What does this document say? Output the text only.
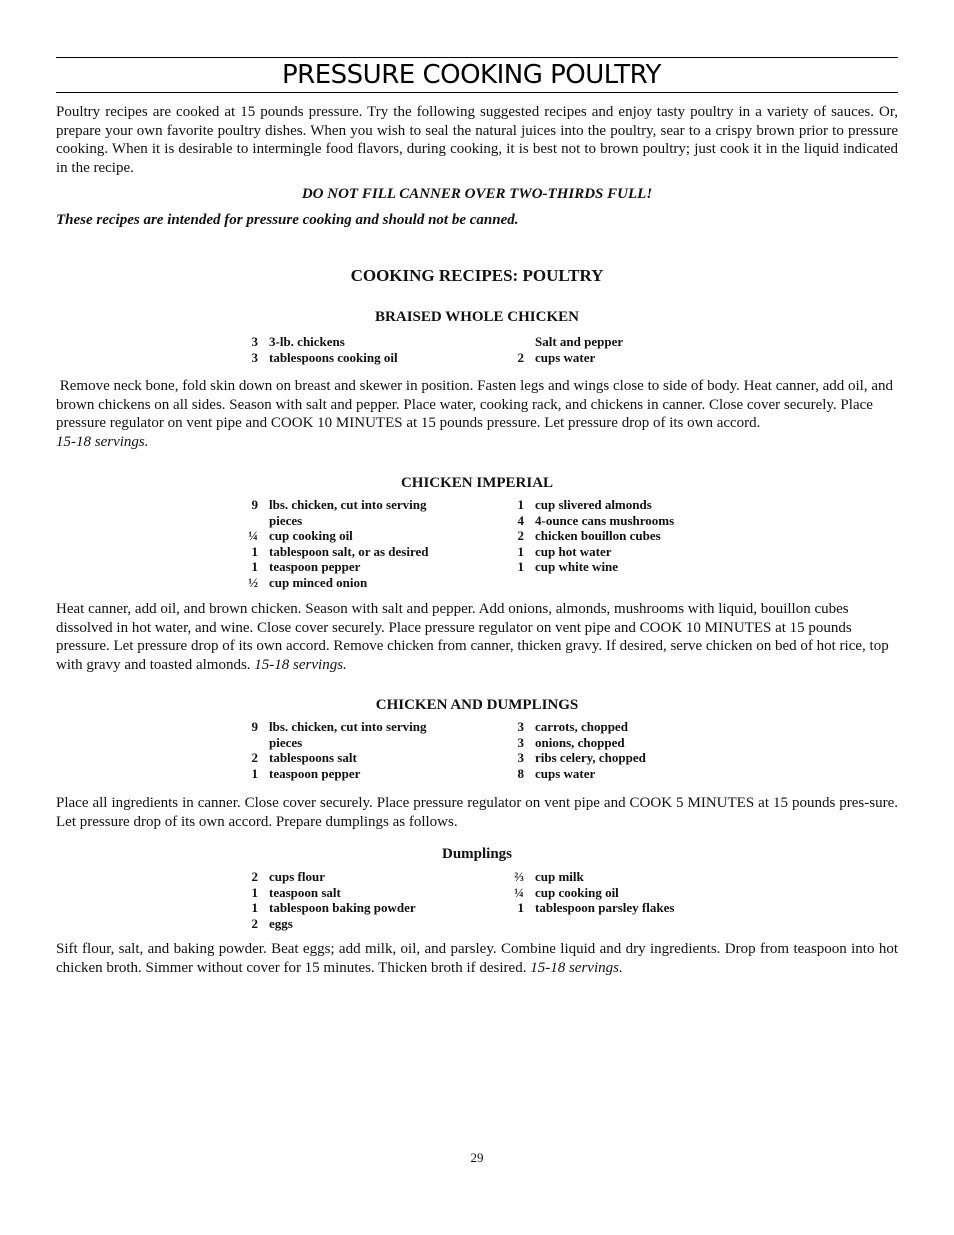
PRESSURE COOKING POULTRY

Poultry recipes are cooked at 15 pounds pressure. Try the following suggested recipes and enjoy tasty poultry in a variety of sauces. Or, prepare your own favorite poultry dishes. When you wish to seal the natural juices into the poultry, sear to a crispy brown prior to pressure cooking. When it is desirable to intermingle food flavors, during cooking, it is best not to brown poultry; just cook it in the liquid indicated in the recipe.

DO NOT FILL CANNER OVER TWO-THIRDS FULL!

These recipes are intended for pressure cooking and should not be canned.

COOKING RECIPES: POULTRY
BRAISED WHOLE CHICKEN
3 3-lb. chickens
3 tablespoons cooking oil
Salt and pepper
2 cups water

Remove neck bone, fold skin down on breast and skewer in position. Fasten legs and wings close to side of body. Heat canner, add oil, and brown chickens on all sides. Season with salt and pepper. Place water, cooking rack, and chickens in canner. Close cover securely. Place pressure regulator on vent pipe and COOK 10 MINUTES at 15 pounds pressure. Let pressure drop of its own accord.
15-18 servings.

CHICKEN IMPERIAL
9 lbs. chicken, cut into serving
pieces
¼ cup cooking oil
1 tablespoon salt, or as desired
1 teaspoon pepper
½ cup minced onion
1 cup slivered almonds
4 4-ounce cans mushrooms
2 chicken bouillon cubes
1 cup hot water
1 cup white wine

Heat canner, add oil, and brown chicken. Season with salt and pepper. Add onions, almonds, mushrooms with liquid, bouillon cubes dissolved in hot water, and wine. Close cover securely. Place pressure regulator on vent pipe and COOK 10 MINUTES at 15 pounds pressure. Let pressure drop of its own accord. Remove chicken from canner, thicken gravy. If desired, serve chicken on bed of hot rice, top with gravy and toasted almonds. 15-18 servings.

CHICKEN AND DUMPLINGS
9 lbs. chicken, cut into serving
pieces
2 tablespoons salt
1 teaspoon pepper
3 carrots, chopped
3 onions, chopped
3 ribs celery, chopped
8 cups water

Place all ingredients in canner. Close cover securely. Place pressure regulator on vent pipe and COOK 5 MINUTES at 15 pounds pres-sure. Let pressure drop of its own accord. Prepare dumplings as follows.

Dumplings
2 cups flour
1 teaspoon salt
1 tablespoon baking powder
2 eggs
⅔ cup milk
¼ cup cooking oil
1 tablespoon parsley flakes

Sift flour, salt, and baking powder. Beat eggs; add milk, oil, and parsley. Combine liquid and dry ingredients. Drop from teaspoon into hot chicken broth. Simmer without cover for 15 minutes. Thicken broth if desired. 15-18 servings.

29
